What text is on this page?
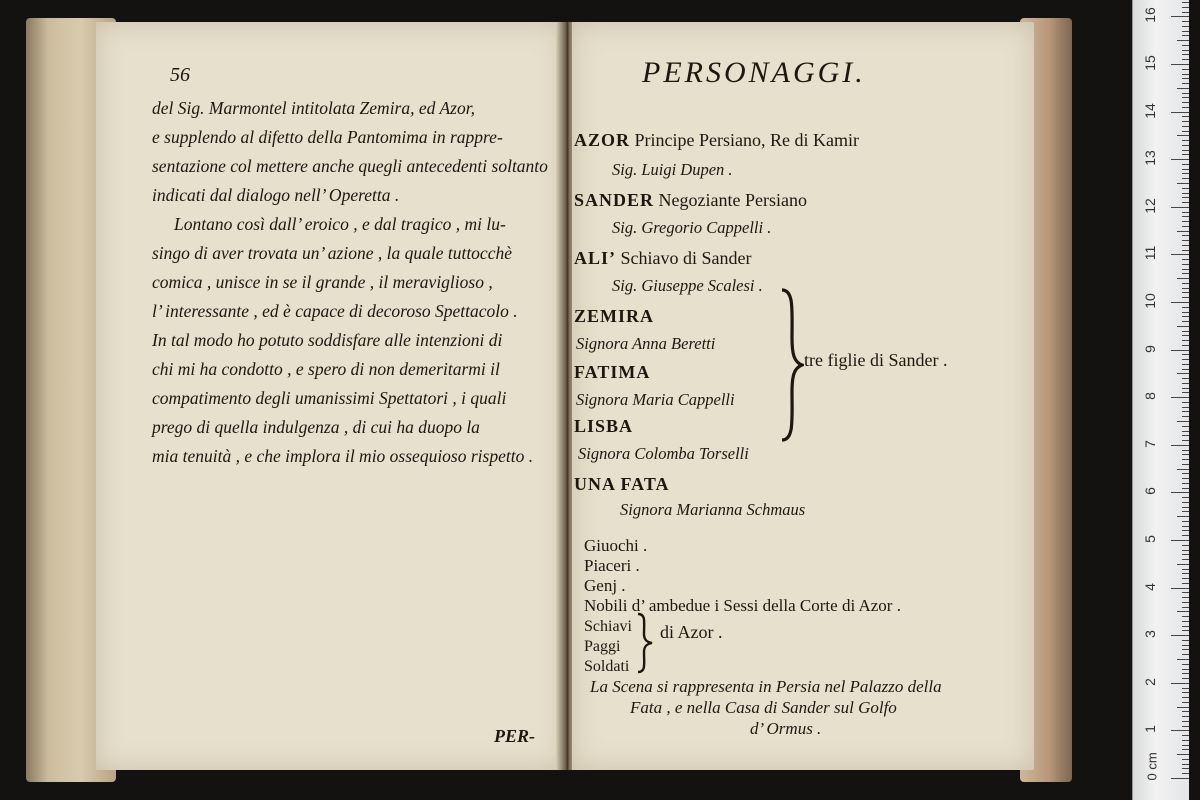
56
del Sig. Marmontel intitolata Zemira, ed Azor,
e supplendo al difetto della Pantomima in rappre-
sentazione col mettere anche quegli antecedenti soltanto
indicati dal dialogo nell’ Operetta .
Lontano così dall’ eroico , e dal tragico , mi lu-
singo di aver trovata un’ azione , la quale tuttocchè
comica , unisce in se il grande , il meraviglioso ,
l’ interessante , ed è capace di decoroso Spettacolo .
In tal modo ho potuto soddisfare alle intenzioni di
chi mi ha condotto , e spero di non demeritarmi il
compatimento degli umanissimi Spettatori , i quali
prego di quella indulgenza , di cui ha duopo la
mia tenuità , e che implora il mio ossequioso rispetto .
PER-
PERSONAGGI.
AZOR Principe Persiano, Re di Kamir
Sig. Luigi Dupen .
SANDER Negoziante Persiano
Sig. Gregorio Cappelli .
ALI’ Schiavo di Sander
Sig. Giuseppe Scalesi .
ZEMIRA
Signora Anna Beretti
FATIMA
Signora Maria Cappelli
LISBA
Signora Colomba Torselli
tre figlie di Sander .
UNA FATA
Signora Marianna Schmaus
Giuochi .
Piaceri .
Genj .
Nobili d’ ambedue i Sessi della Corte di Azor .
Schiavi
Paggi
Soldati
di Azor .
La Scena si rappresenta in Persia nel Palazzo della
Fata , e nella Casa di Sander sul Golfo
d’ Ormus .
0 cm
1
2
3
4
5
6
7
8
9
10
11
12
13
14
15
16
